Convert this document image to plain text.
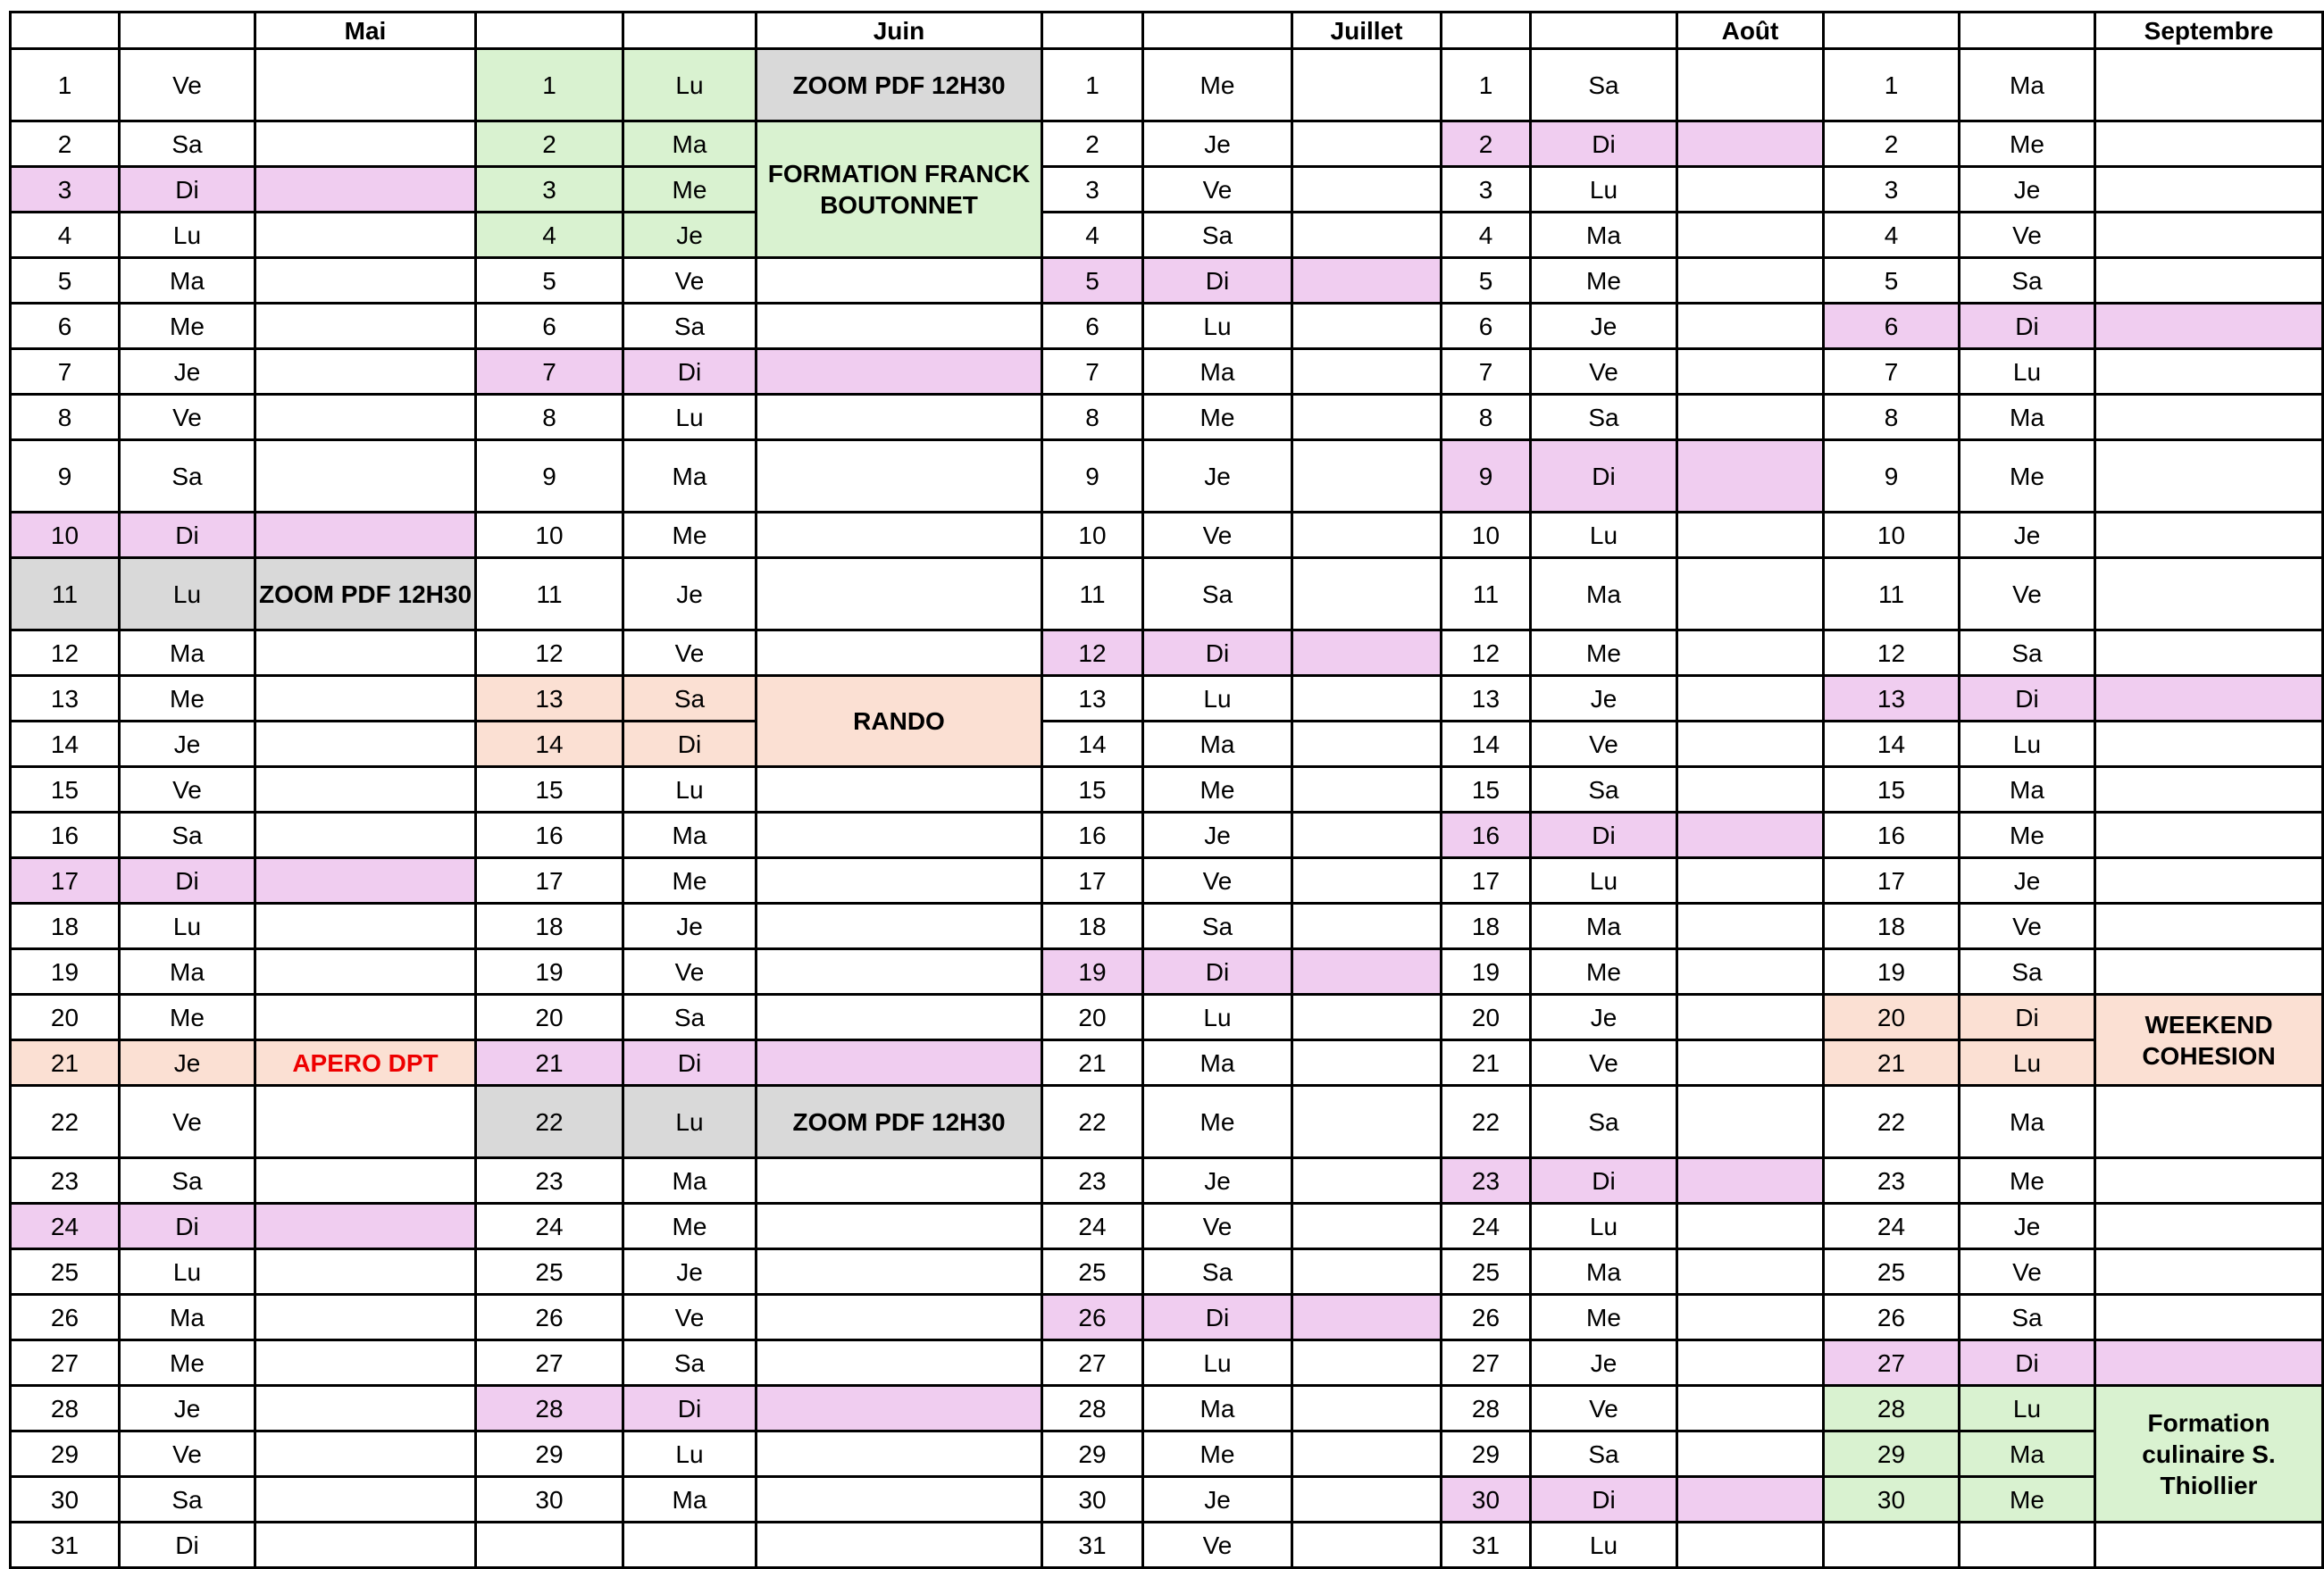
		Mai			Juin			Juillet			Août			Septembre
1	Ve		1	Lu	ZOOM PDF 12H30	1	Me		1	Sa		1	Ma	
2	Sa		2	Ma	FORMATION FRANCK BOUTONNET	2	Je		2	Di		2	Me	
3	Di		3	Me		3	Ve		3	Lu		3	Je	
4	Lu		4	Je		4	Sa		4	Ma		4	Ve	
5	Ma		5	Ve		5	Di		5	Me		5	Sa	
6	Me		6	Sa		6	Lu		6	Je		6	Di	
7	Je		7	Di		7	Ma		7	Ve		7	Lu	
8	Ve		8	Lu		8	Me		8	Sa		8	Ma	
9	Sa		9	Ma		9	Je		9	Di		9	Me	
10	Di		10	Me		10	Ve		10	Lu		10	Je	
11	Lu	ZOOM PDF 12H30	11	Je		11	Sa		11	Ma		11	Ve	
12	Ma		12	Ve		12	Di		12	Me		12	Sa	
13	Me		13	Sa	RANDO	13	Lu		13	Je		13	Di	
14	Je		14	Di		14	Ma		14	Ve		14	Lu	
15	Ve		15	Lu		15	Me		15	Sa		15	Ma	
16	Sa		16	Ma		16	Je		16	Di		16	Me	
17	Di		17	Me		17	Ve		17	Lu		17	Je	
18	Lu		18	Je		18	Sa		18	Ma		18	Ve	
19	Ma		19	Ve		19	Di		19	Me		19	Sa	
20	Me		20	Sa		20	Lu		20	Je		20	Di	WEEKEND COHESION
21	Je	APERO DPT	21	Di		21	Ma		21	Ve		21	Lu	
22	Ve		22	Lu	ZOOM PDF 12H30	22	Me		22	Sa		22	Ma	
23	Sa		23	Ma		23	Je		23	Di		23	Me	
24	Di		24	Me		24	Ve		24	Lu		24	Je	
25	Lu		25	Je		25	Sa		25	Ma		25	Ve	
26	Ma		26	Ve		26	Di		26	Me		26	Sa	
27	Me		27	Sa		27	Lu		27	Je		27	Di	
28	Je		28	Di		28	Ma		28	Ve		28	Lu	Formation culinaire S. Thiollier
29	Ve		29	Lu		29	Me		29	Sa		29	Ma	
30	Sa		30	Ma		30	Je		30	Di		30	Me	
31	Di					31	Ve		31	Lu				
